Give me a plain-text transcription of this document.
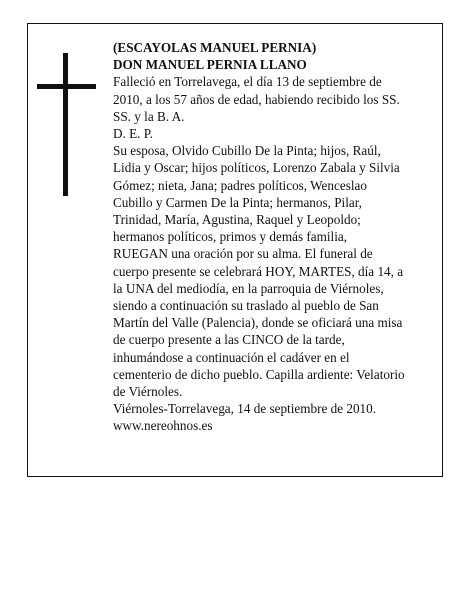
(ESCAYOLAS MANUEL PERNIA)
DON MANUEL PERNIA LLANO
Falleció en Torrelavega, el día 13 de septiembre de
2010, a los 57 años de edad, habiendo recibido los SS.
SS. y la B. A.
D. E. P.
Su esposa, Olvido Cubillo De la Pinta; hijos, Raúl,
Lidia y Oscar; hijos políticos, Lorenzo Zabala y Silvia
Gómez; nieta, Jana; padres políticos, Wenceslao
Cubillo y Carmen De la Pinta; hermanos, Pilar,
Trinidad, María, Agustina, Raquel y Leopoldo;
hermanos políticos, primos y demás familia,
RUEGAN una oración por su alma. El funeral de
cuerpo presente se celebrará HOY, MARTES, día 14, a
la UNA del mediodía, en la parroquia de Viérnoles,
siendo a continuación su traslado al pueblo de San
Martín del Valle (Palencia), donde se oficiará una misa
de cuerpo presente a las CINCO de la tarde,
inhumándose a continuación el cadáver en el
cementerio de dicho pueblo. Capilla ardiente: Velatorio
de Viérnoles.
Viérnoles-Torrelavega, 14 de septiembre de 2010.
www.nereohnos.es
